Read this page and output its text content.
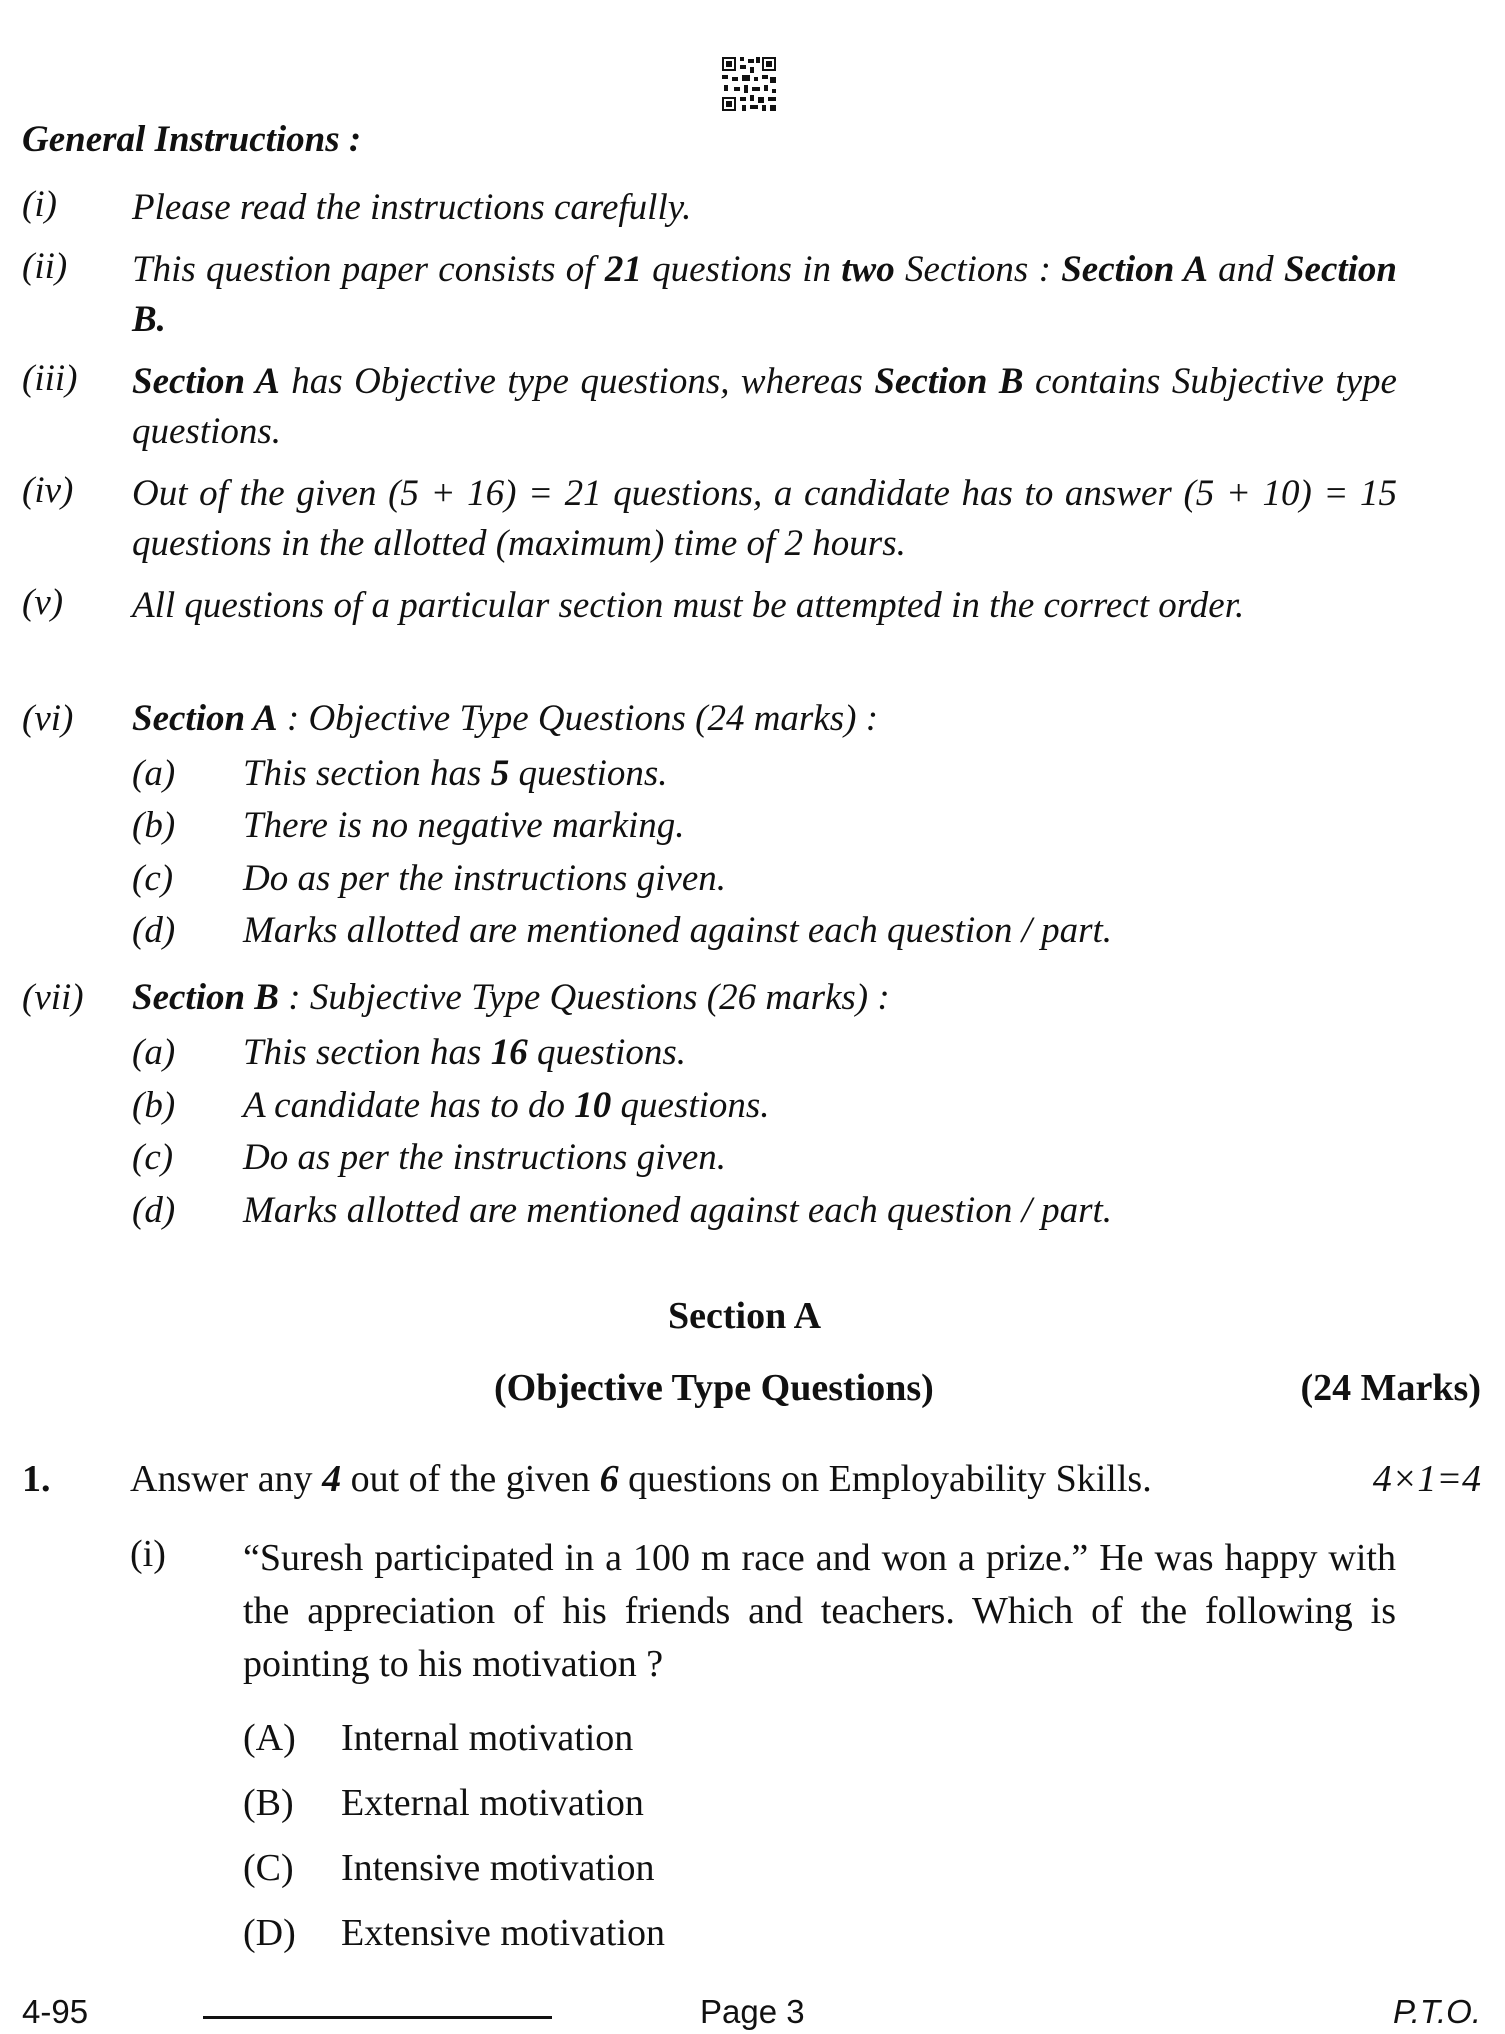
General Instructions :
(i) Please read the instructions carefully.
(ii) This question paper consists of 21 questions in two Sections : Section A and Section B.
(iii) Section A has Objective type questions, whereas Section B contains Subjective type questions.
(iv) Out of the given (5 + 16) = 21 questions, a candidate has to answer (5 + 10) = 15 questions in the allotted (maximum) time of 2 hours.
(v) All questions of a particular section must be attempted in the correct order.
(vi) Section A : Objective Type Questions (24 marks) :
(a) This section has 5 questions.
(b) There is no negative marking.
(c) Do as per the instructions given.
(d) Marks allotted are mentioned against each question / part.
(vii) Section B : Subjective Type Questions (26 marks) :
(a) This section has 16 questions.
(b) A candidate has to do 10 questions.
(c) Do as per the instructions given.
(d) Marks allotted are mentioned against each question / part.
Section A
(Objective Type Questions)	(24 Marks)
1. Answer any 4 out of the given 6 questions on Employability Skills.	4×1=4
(i) “Suresh participated in a 100 m race and won a prize.” He was happy with the appreciation of his friends and teachers. Which of the following is pointing to his motivation ?
(A) Internal motivation
(B) External motivation
(C) Intensive motivation
(D) Extensive motivation
4-95	Page 3	P.T.O.
